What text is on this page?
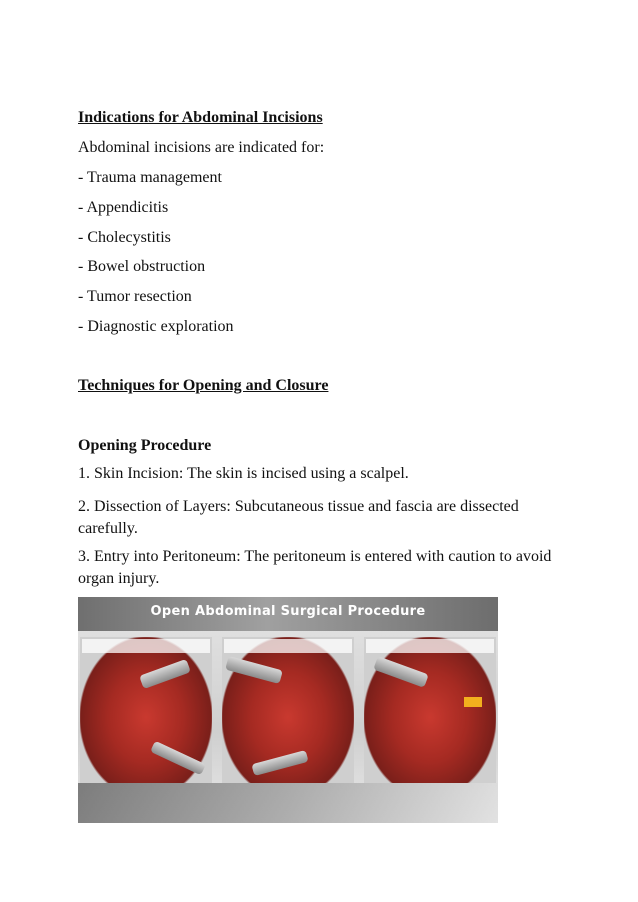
Indications for Abdominal Incisions
Abdominal incisions are indicated for:
- Trauma management
- Appendicitis
- Cholecystitis
- Bowel obstruction
- Tumor resection
- Diagnostic exploration
Techniques for Opening and Closure
Opening Procedure
1. Skin Incision: The skin is incised using a scalpel.
2. Dissection of Layers: Subcutaneous tissue and fascia are dissected carefully.
3. Entry into Peritoneum: The peritoneum is entered with caution to avoid organ injury.
Open Abdominal Surgical Procedure
